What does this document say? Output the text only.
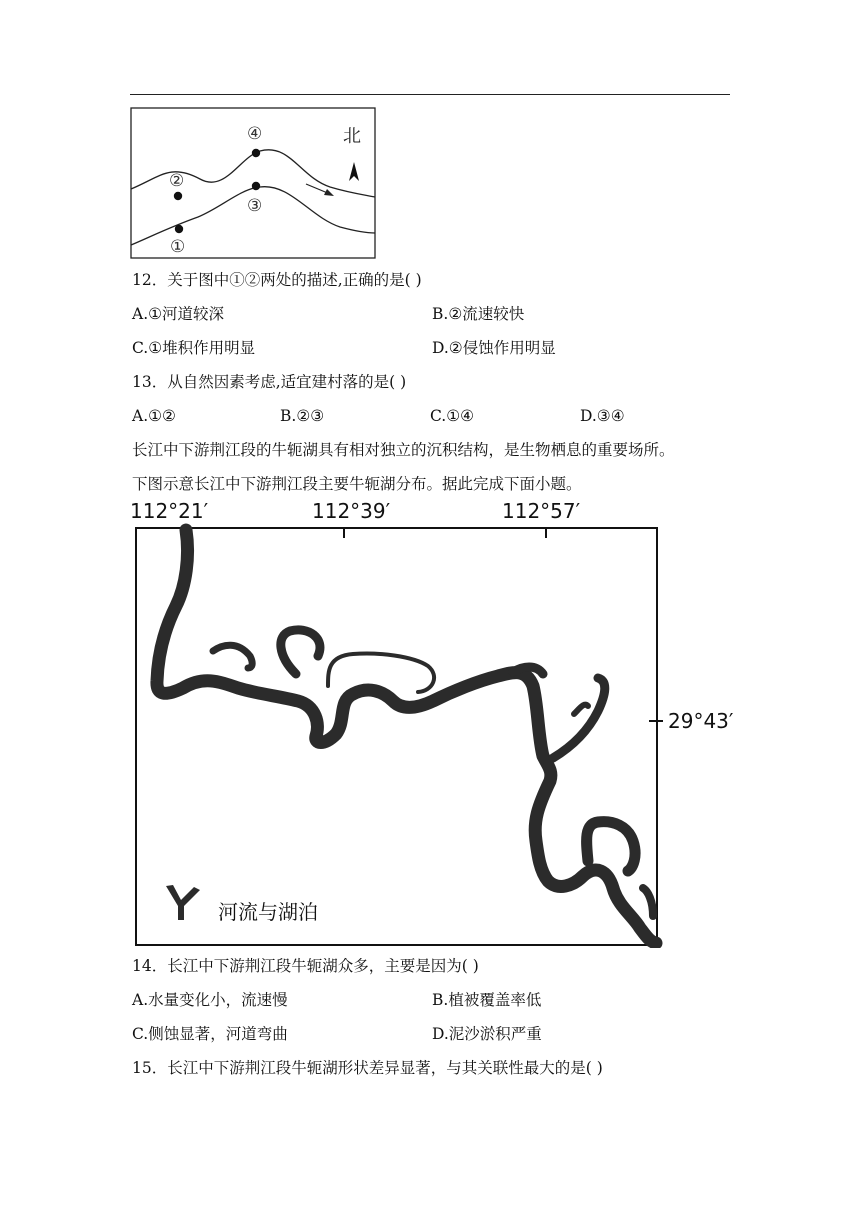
北
①
②
③
④
12．关于图中①②两处的描述,正确的是( )
A.①河道较深	B.②流速较快
C.①堆积作用明显	D.②侵蚀作用明显
13．从自然因素考虑,适宜建村落的是( )
A.①②	B.②③	C.①④	D.③④
长江中下游荆江段的牛轭湖具有相对独立的沉积结构，是生物栖息的重要场所。
下图示意长江中下游荆江段主要牛轭湖分布。据此完成下面小题。
112°21′	112°39′	112°57′
29°43′
河流与湖泊
14．长江中下游荆江段牛轭湖众多，主要是因为( )
A.水量变化小，流速慢	B.植被覆盖率低
C.侧蚀显著，河道弯曲	D.泥沙淤积严重
15．长江中下游荆江段牛轭湖形状差异显著，与其关联性最大的是( )
